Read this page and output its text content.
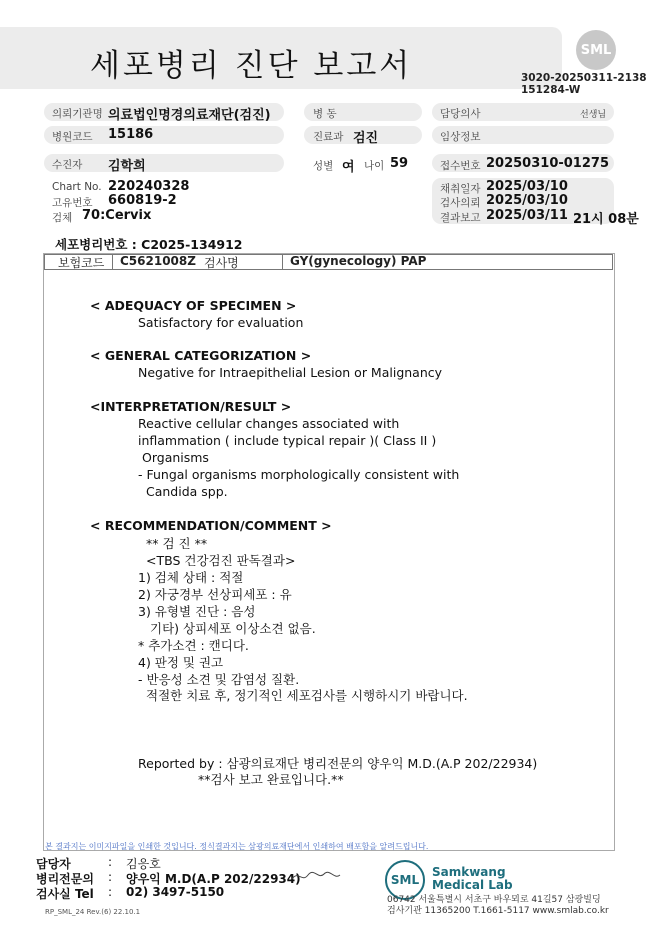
세포병리 진단 보고서	SML
3020-20250311-2138
151284-W
의뢰기관명 의료법인명경의료재단(검진)	병 동	담당의사	선생님
병원코드 15186	진료과 검진	임상정보
수진자 김학희	성별 여 나이 59	접수번호 20250310-01275
Chart No. 220240328
고유번호 660819-2
검체 70:Cervix
채취일자 2025/03/10
검사의뢰 2025/03/10
결과보고 2025/03/11 21시 08분
세포병리번호 : C2025-134912
보험코드 C5621008Z 검사명	GY(gynecology) PAP
< ADEQUACY OF SPECIMEN >
Satisfactory for evaluation
< GENERAL CATEGORIZATION >
Negative for Intraepithelial Lesion or Malignancy
<INTERPRETATION/RESULT >
Reactive cellular changes associated with
inflammation ( include typical repair )( Class II )
Organisms
- Fungal organisms morphologically consistent with
Candida spp.
< RECOMMENDATION/COMMENT >
** 검 진 **
<TBS 건강검진 판독결과>
1) 검체 상태 : 적절
2) 자궁경부 선상피세포 : 유
3) 유형별 진단 : 음성
기타) 상피세포 이상소견 없음.
* 추가소견 : 캔디다.
4) 판정 및 권고
- 반응성 소견 및 감염성 질환.
적절한 치료 후, 정기적인 세포검사를 시행하시기 바랍니다.
Reported by : 삼광의료재단 병리전문의 양우익 M.D.(A.P 202/22934)
**검사 보고 완료입니다.**
본 결과지는 이미지파일을 인쇄한 것입니다. 정식결과지는 삼광의료재단에서 인쇄하여 배포함을 알려드립니다.
담당자	: 김응호
병리전문의 : 양우익 M.D(A.P 202/22934)
검사실 Tel : 02) 3497-5150
SML
Samkwang
Medical Lab
06742 서울특별시 서초구 바우뫼로 41길57 삼광빌딩
검사기관 11365200 T.1661-5117 www.smlab.co.kr
RP_SML_24 Rev.(6) 22.10.1
